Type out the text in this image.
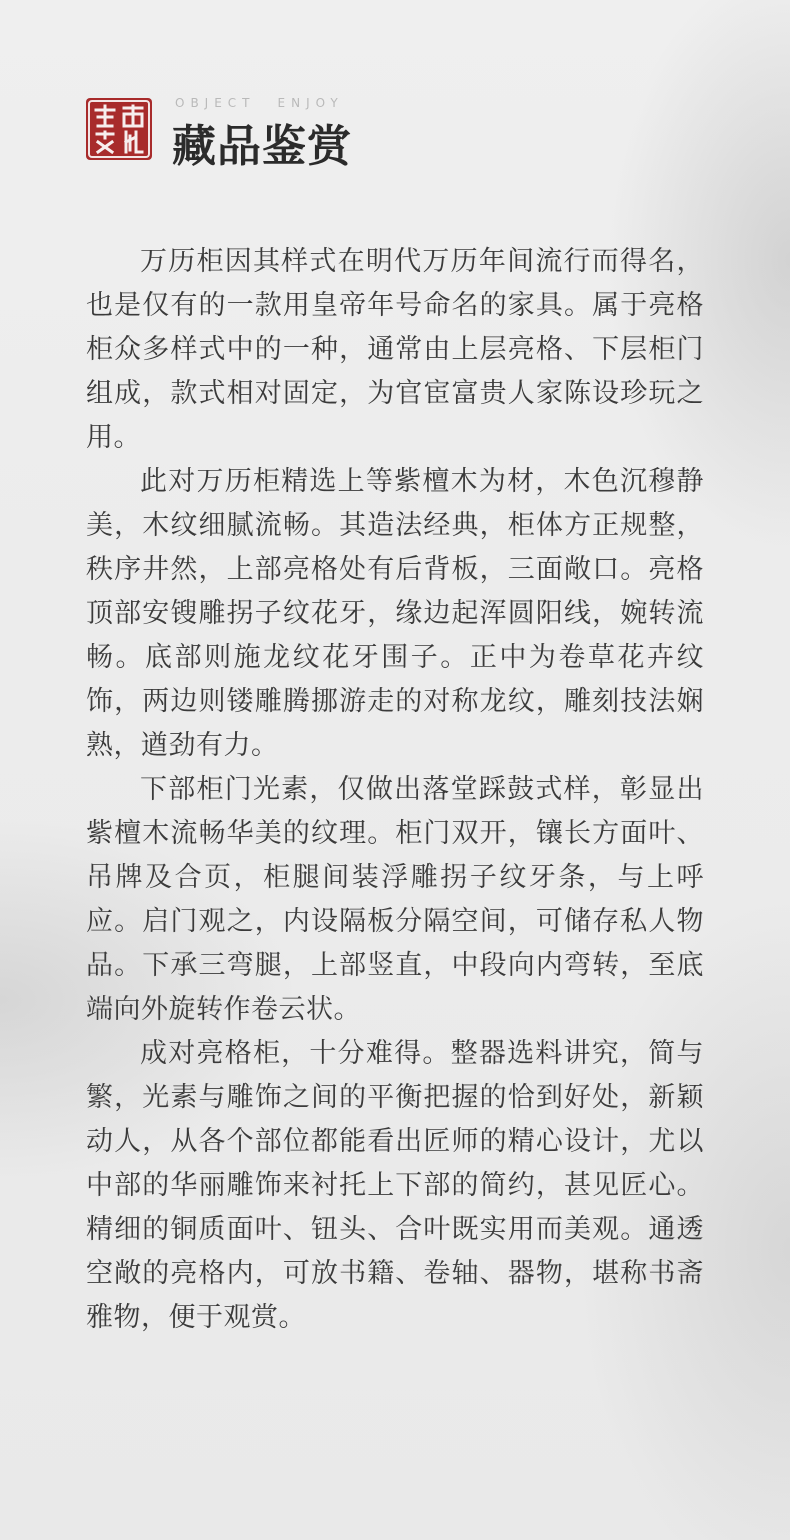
OBJECT ENJOY
藏品鉴赏

万历柜因其样式在明代万历年间流行而得名，也是仅有的一款用皇帝年号命名的家具。属于亮格柜众多样式中的一种，通常由上层亮格、下层柜门组成，款式相对固定，为官宦富贵人家陈设珍玩之用。

此对万历柜精选上等紫檀木为材，木色沉穆静美，木纹细腻流畅。其造法经典，柜体方正规整，秩序井然，上部亮格处有后背板，三面敞口。亮格顶部安锼雕拐子纹花牙，缘边起浑圆阳线，婉转流畅。底部则施龙纹花牙围子。正中为卷草花卉纹饰，两边则镂雕腾挪游走的对称龙纹，雕刻技法娴熟，遒劲有力。

下部柜门光素，仅做出落堂踩鼓式样，彰显出紫檀木流畅华美的纹理。柜门双开，镶长方面叶、吊牌及合页，柜腿间装浮雕拐子纹牙条，与上呼应。启门观之，内设隔板分隔空间，可储存私人物品。下承三弯腿，上部竖直，中段向内弯转，至底端向外旋转作卷云状。

成对亮格柜，十分难得。整器选料讲究，简与繁，光素与雕饰之间的平衡把握的恰到好处，新颖动人，从各个部位都能看出匠师的精心设计，尤以中部的华丽雕饰来衬托上下部的简约，甚见匠心。精细的铜质面叶、钮头、合叶既实用而美观。通透空敞的亮格内，可放书籍、卷轴、器物，堪称书斋雅物，便于观赏。
